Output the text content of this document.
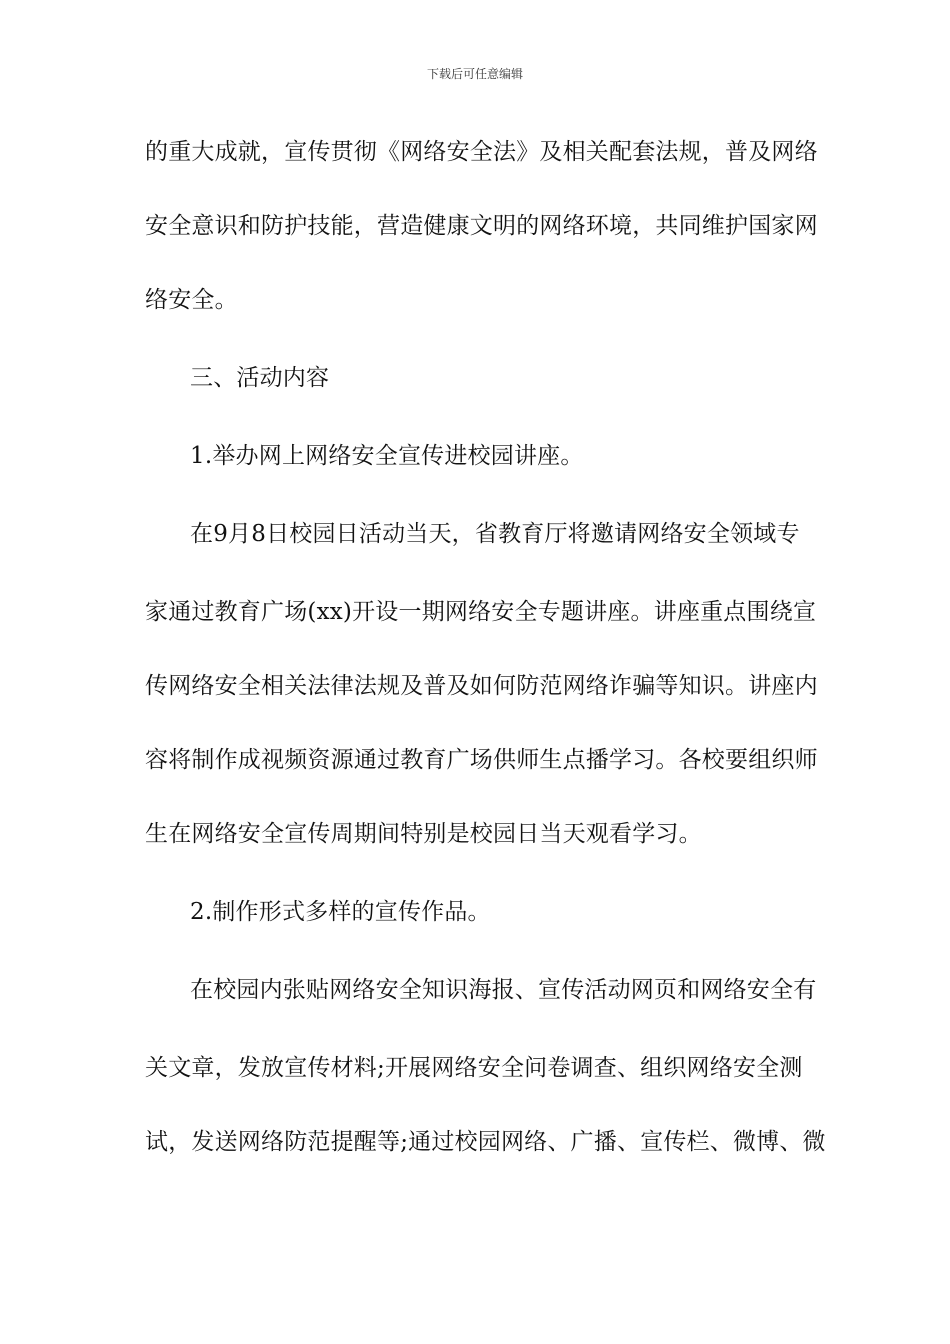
下载后可任意编辑
的重大成就，宣传贯彻《网络安全法》及相关配套法规，普及网络
安全意识和防护技能，营造健康文明的网络环境，共同维护国家网
络安全。
三、活动内容
1.举办网上网络安全宣传进校园讲座。
在9月8日校园日活动当天，省教育厅将邀请网络安全领域专
家通过教育广场(xx)开设一期网络安全专题讲座。讲座重点围绕宣
传网络安全相关法律法规及普及如何防范网络诈骗等知识。讲座内
容将制作成视频资源通过教育广场供师生点播学习。各校要组织师
生在网络安全宣传周期间特别是校园日当天观看学习。
2.制作形式多样的宣传作品。
在校园内张贴网络安全知识海报、宣传活动网页和网络安全有
关文章，发放宣传材料;开展网络安全问卷调查、组织网络安全测
试，发送网络防范提醒等;通过校园网络、广播、宣传栏、微博、微
